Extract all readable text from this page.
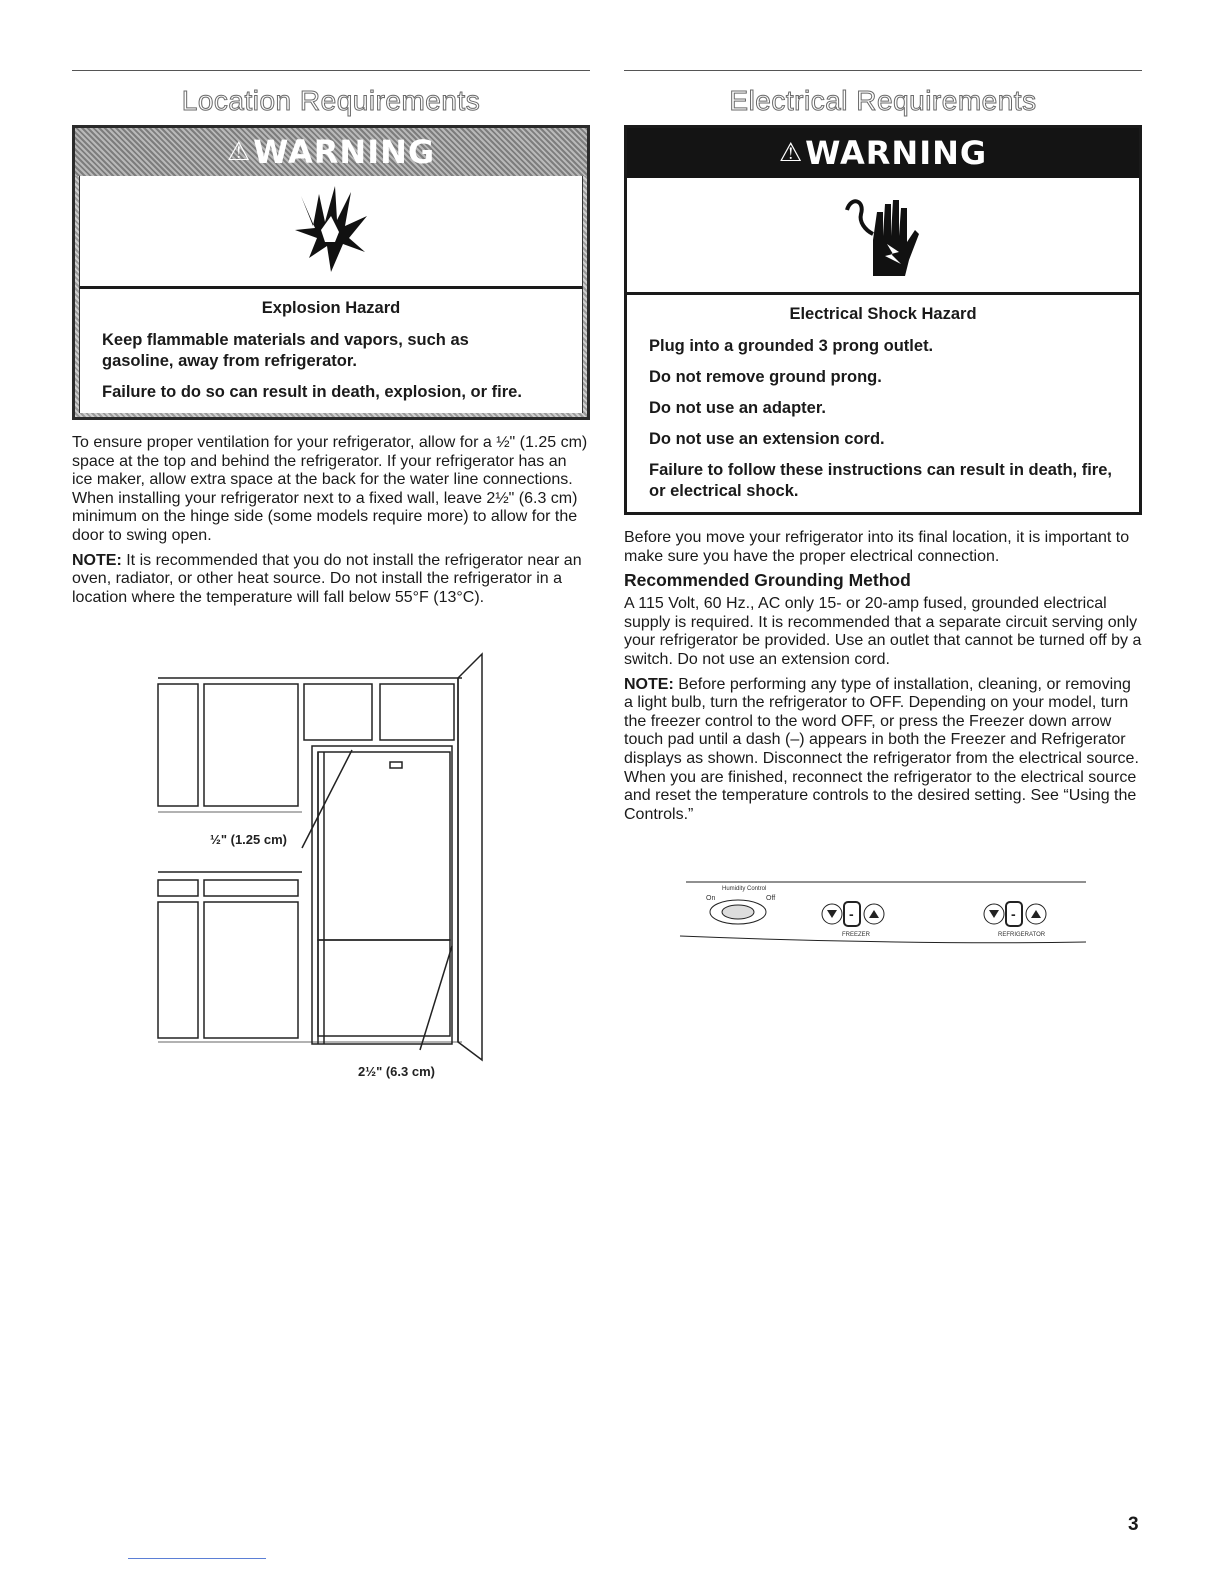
Location Requirements
⚠ WARNING
Explosion Hazard
Keep flammable materials and vapors, such as gasoline, away from refrigerator.
Failure to do so can result in death, explosion, or fire.

To ensure proper ventilation for your refrigerator, allow for a ½" (1.25 cm) space at the top and behind the refrigerator. If your refrigerator has an ice maker, allow extra space at the back for the water line connections. When installing your refrigerator next to a fixed wall, leave 2½" (6.3 cm) minimum on the hinge side (some models require more) to allow for the door to swing open.

NOTE: It is recommended that you do not install the refrigerator near an oven, radiator, or other heat source. Do not install the refrigerator in a location where the temperature will fall below 55°F (13°C).

½" (1.25 cm)
2½" (6.3 cm)
Electrical Requirements
⚠ WARNING
Electrical Shock Hazard
Plug into a grounded 3 prong outlet.
Do not remove ground prong.
Do not use an adapter.
Do not use an extension cord.
Failure to follow these instructions can result in death, fire, or electrical shock.

Before you move your refrigerator into its final location, it is important to make sure you have the proper electrical connection.

Recommended Grounding Method

A 115 Volt, 60 Hz., AC only 15- or 20-amp fused, grounded electrical supply is required. It is recommended that a separate circuit serving only your refrigerator be provided. Use an outlet that cannot be turned off by a switch. Do not use an extension cord.

NOTE: Before performing any type of installation, cleaning, or removing a light bulb, turn the refrigerator to OFF. Depending on your model, turn the freezer control to the word OFF, or press the Freezer down arrow touch pad until a dash (–) appears in both the Freezer and Refrigerator displays as shown. Disconnect the refrigerator from the electrical source. When you are finished, reconnect the refrigerator to the electrical source and reset the temperature controls to the desired setting. See “Using the Controls.”

Humidity Control
On	Off
-	-
FREEZER	REFRIGERATOR
3
